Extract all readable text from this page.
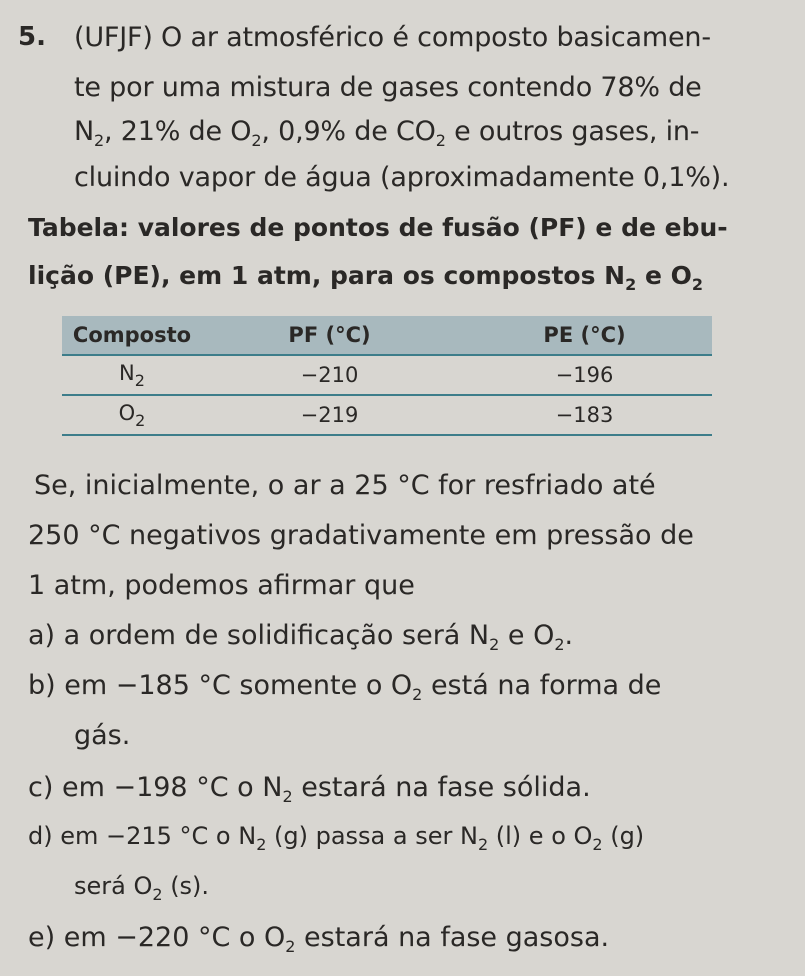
5. (UFJF) O ar atmosférico é composto basicamen-
te por uma mistura de gases contendo 78% de
$N_2$, 21% de $O_2$, 0,9% de $CO_2$ e outros gases, in-
cluindo vapor de água (aproximadamente 0,1%).
Tabela: valores de pontos de fusão (PF) e de ebu-
lição (PE), em 1 atm, para os compostos $N_2$ e $O_2$
Composto	PF (°C)	PE (°C)
$N_2$	−210	−196
$O_2$	−219	−183
Se, inicialmente, o ar a 25 °C for resfriado até
250 °C negativos gradativamente em pressão de
1 atm, podemos afirmar que
a) a ordem de solidificação será $N_2$ e $O_2$.
b) em −185 °C somente o $O_2$ está na forma de
gás.
c) em −198 °C o $N_2$ estará na fase sólida.
d) em −215 °C o $N_2$ (g) passa a ser $N_2$ (l) e o $O_2$ (g)
será $O_2$ (s).
e) em −220 °C o $O_2$ estará na fase gasosa.
